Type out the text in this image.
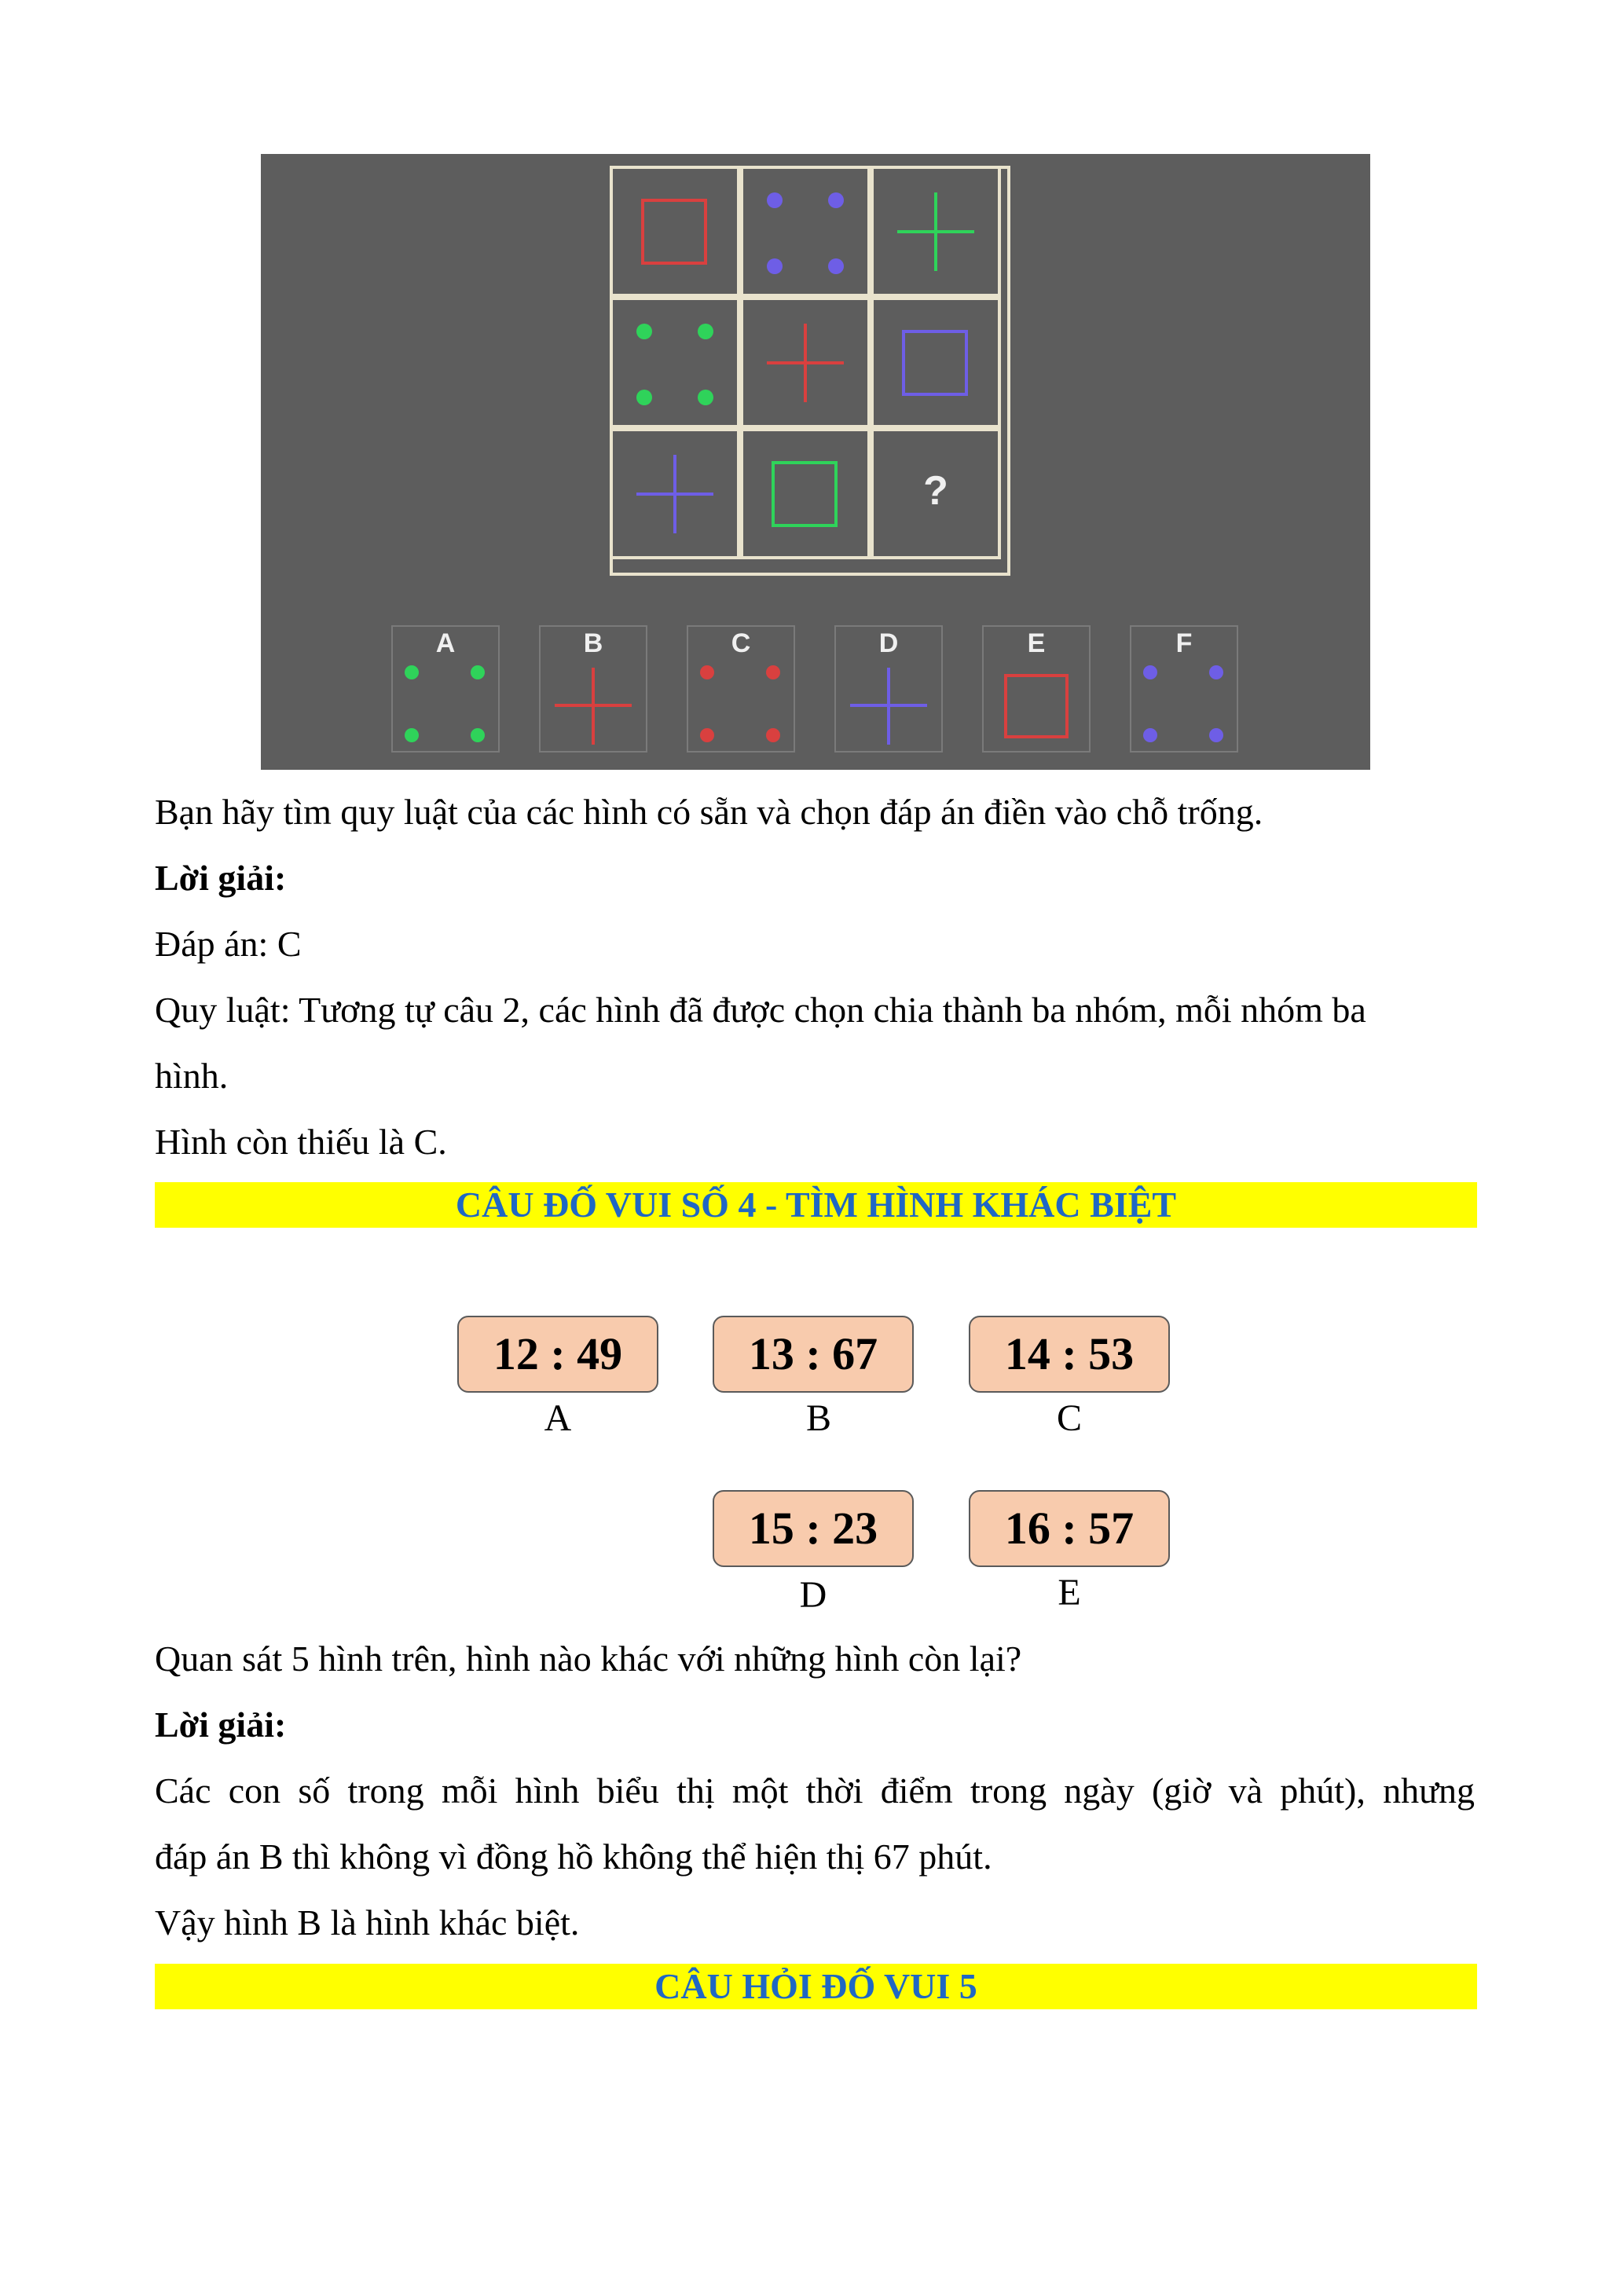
?
A	B	C	D	E	F
Bạn hãy tìm quy luật của các hình có sẵn và chọn đáp án điền vào chỗ trống.
Lời giải:
Đáp án: C
Quy luật: Tương tự câu 2, các hình đã được chọn chia thành ba nhóm, mỗi nhóm ba
hình.
Hình còn thiếu là C.
CÂU ĐỐ VUI SỐ 4 - TÌM HÌNH KHÁC BIỆT
12 : 49
A
13 : 67
B
14 : 53
C
15 : 23
D
16 : 57
E
Quan sát 5 hình trên, hình nào khác với những hình còn lại?
Lời giải:
Các con số trong mỗi hình biểu thị một thời điểm trong ngày (giờ và phút), nhưng
đáp án B thì không vì đồng hồ không thể hiện thị 67 phút.
Vậy hình B là hình khác biệt.
CÂU HỎI ĐỐ VUI 5
